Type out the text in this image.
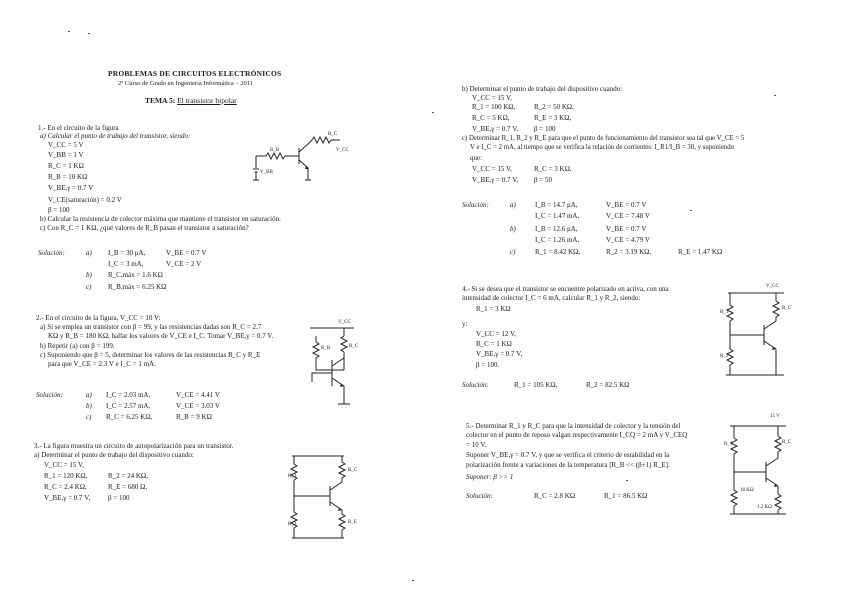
PROBLEMAS DE CIRCUITOS ELECTRÓNICOS
2º Curso de Grado en Ingeniería Informática – 2011
TEMA 5: El transistor bipolar
1.- En el circuito de la figura
a) Calcular el punto de trabajo del transistor, siendo:
V_CC = 5 V
V_BB = 1 V
R_C = 1 KΩ
R_B = 10 KΩ
V_BE,γ = 0.7 V
V_CE(saturación) = 0.2 V
β = 100
b) Calcular la resistencia de colector máxima que mantiene el transistor en saturación.
c) Con R_C = 1 KΩ, ¿qué valores de R_B pasan el transistor a saturación?
R_C
R_B
V_BB
V_CC
Solución:	a) I_B = 30 μA,	V_BE = 0.7 V
I_C = 3 mA,	V_CE = 2 V
b) R_C,máx = 1.6 KΩ
c) R_B,máx = 6.25 KΩ
2.- En el circuito de la figura, V_CC = 10 V:
a) Si se emplea un transistor con β = 99, y las resistencias dadas son R_C = 2.7
KΩ y R_B = 180 KΩ, hallar los valores de V_CE e I_C. Tomar V_BE,γ = 0.7 V.
b) Repetir (a) con β = 199.
c) Suponiendo que β = 5, determinar los valores de las resistencias R_C y R_E
para que V_CE = 2.3 V e I_C = 1 mA.
V_CC
R_C
R_B
Solución:	a) I_C = 2.03 mA,	V_CE = 4.41 V
b) I_C = 2.57 mA,	V_CE = 3.03 V
c) R_C = 6.25 KΩ,	R_B = 9 KΩ
3.- La figura muestra un circuito de autopolarización para un transistor.
a) Determinar el punto de trabajo del dispositivo cuando:
V_CC = 15 V,
R_1 = 120 KΩ,	R_2 = 24 KΩ,
R_C = 2.4 KΩ,	R_E = 680 Ω,
V_BE,γ = 0.7 V,	β = 100
R_1
R_C
R_2	R_E
b) Determinar el punto de trabajo del dispositivo cuando:
V_CC = 15 V,
R_1 = 100 KΩ,	R_2 = 50 KΩ,
R_C = 5 KΩ,	R_E = 3 KΩ,
V_BE,γ = 0.7 V, β = 100
c) Determinar R_1, R_2 y R_E para que el punto de funcionamiento del transistor sea tal que V_CE = 5
V e I_C = 2 mA, al tiempo que se verifica la relación de corrientes: I_R1/I_B = 30, y suponiendo
que:
V_CC = 15 V,	R_C = 3 KΩ,
V_BE,γ = 0.7 V, β = 50
Solución:	a)	I_B = 14.7 μA,	V_BE = 0.7 V
I_C = 1.47 mA,	V_CE = 7.48 V
b)	I_B = 12.6 μA,	V_BE = 0.7 V
I_C = 1.26 mA,	V_CE = 4.79 V
c)	R_1 = 8.42 KΩ,	R_2 = 3.19 KΩ,	R_E = 1.47 KΩ
4.- Si se desea que el transistor se encuentre polarizado en activa, con una
intensidad de colector I_C = 6 mA, calcular R_1 y R_2, siendo:
R_1 = 3 KΩ
y:
V_CC = 12 V,
R_C = 1 KΩ
V_BE,γ = 0.7 V,
β = 100.
V_CC
R_1
R_C
R_2
Solución:	R_1 = 105 KΩ,	R_2 = 82.5 KΩ
5.- Determinar R_1 y R_C para que la intensidad de colector y la tensión del
colector en el punto de reposo valgan respectivamente I_CQ = 2 mA y V_CEQ
= 10 V.
Suponer V_BE,γ = 0.7 V, y que se verifica el criterio de estabilidad en la
polarización frente a variaciones de la temperatura [R_B << (β+1) R_E].
Suponer: β >> 1
15 V
R_1	R_C
18 KΩ
1.2 KΩ
Solución:	R_C = 2.8 KΩ	R_1 = 86.5 KΩ
